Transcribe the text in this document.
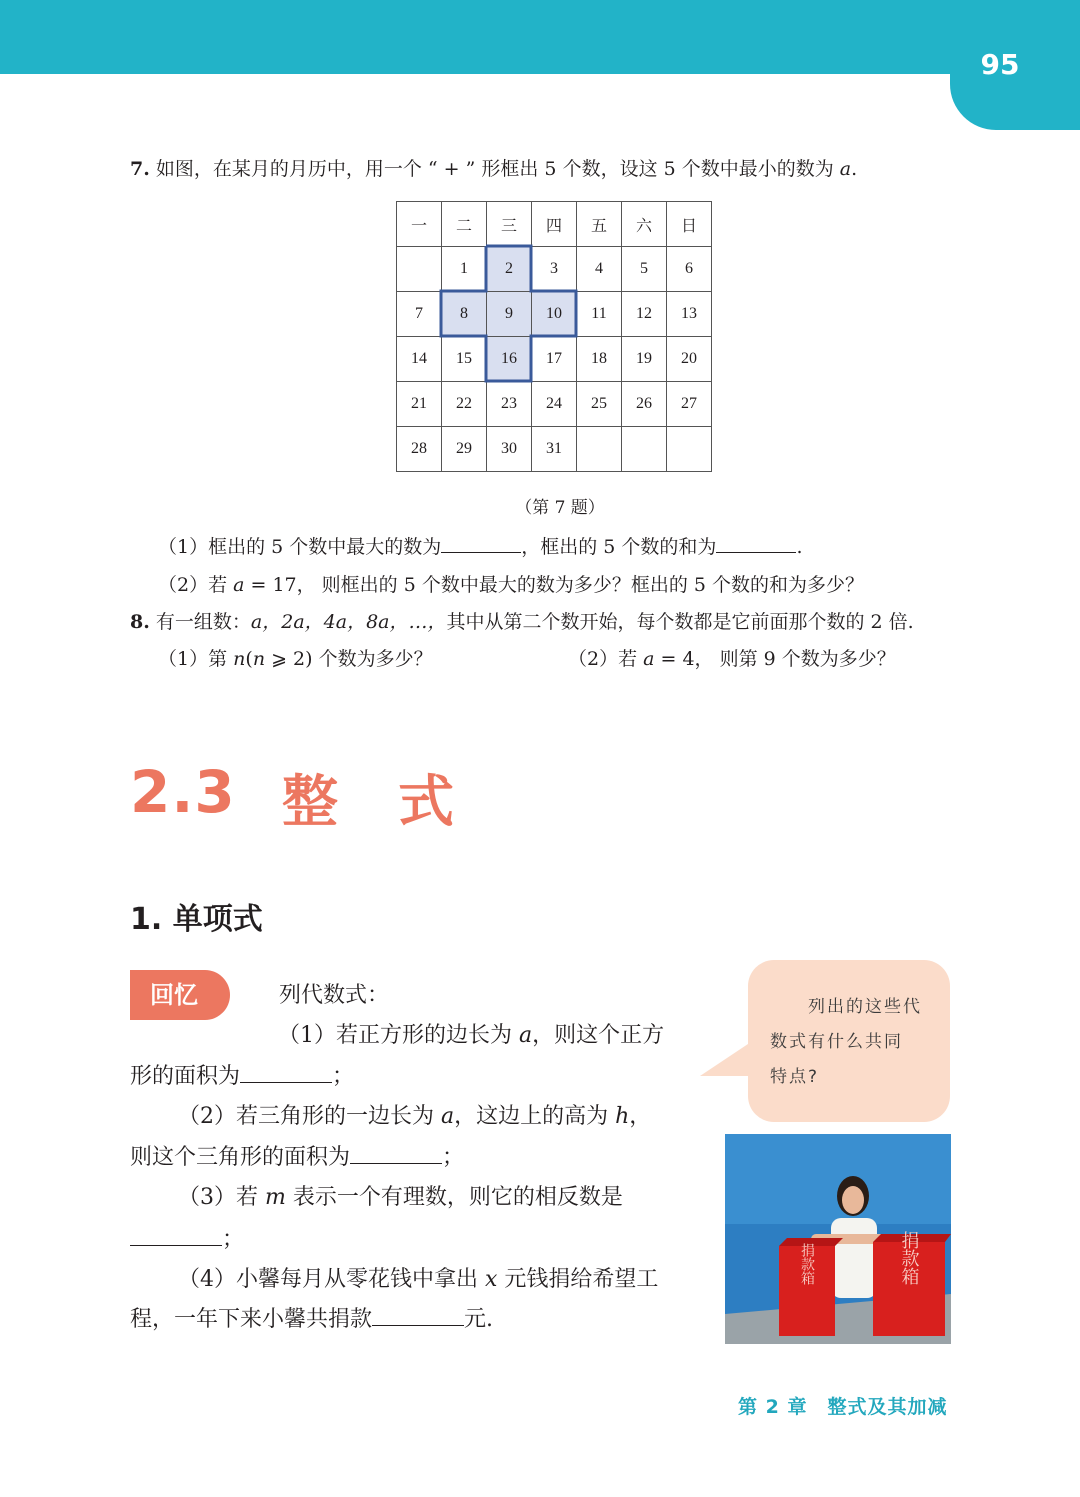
95
7. 如图，在某月的月历中，用一个 “ + ” 形框出 5 个数，设这 5 个数中最小的数为 a.
一	二	三	四	五	六	日
	1	2	3	4	5	6
7	8	9	10	11	12	13
14	15	16	17	18	19	20
21	22	23	24	25	26	27
28	29	30	31			
（第 7 题）
（1）框出的 5 个数中最大的数为	，框出的 5 个数的和为	.
（2）若 a = 17， 则框出的 5 个数中最大的数为多少？框出的 5 个数的和为多少？
8. 有一组数：a，2a，4a，8a，…，其中从第二个数开始，每个数都是它前面那个数的 2 倍.
（1）第 n(n ⩾ 2) 个数为多少？	（2）若 a = 4， 则第 9 个数为多少？
2.3 整式
1. 单项式
回忆	列代数式：
（1）若正方形的边长为 a，则这个正方
形的面积为	；
（2）若三角形的一边长为 a，这边上的高为 h，
则这个三角形的面积为	；
（3）若 m 表示一个有理数，则它的相反数是
；
（4）小馨每月从零花钱中拿出 x 元钱捐给希望工
程，一年下来小馨共捐款	元.
列出的这些代
数式有什么共同
特点?
捐款箱	捐款箱
第 2 章　整式及其加减
